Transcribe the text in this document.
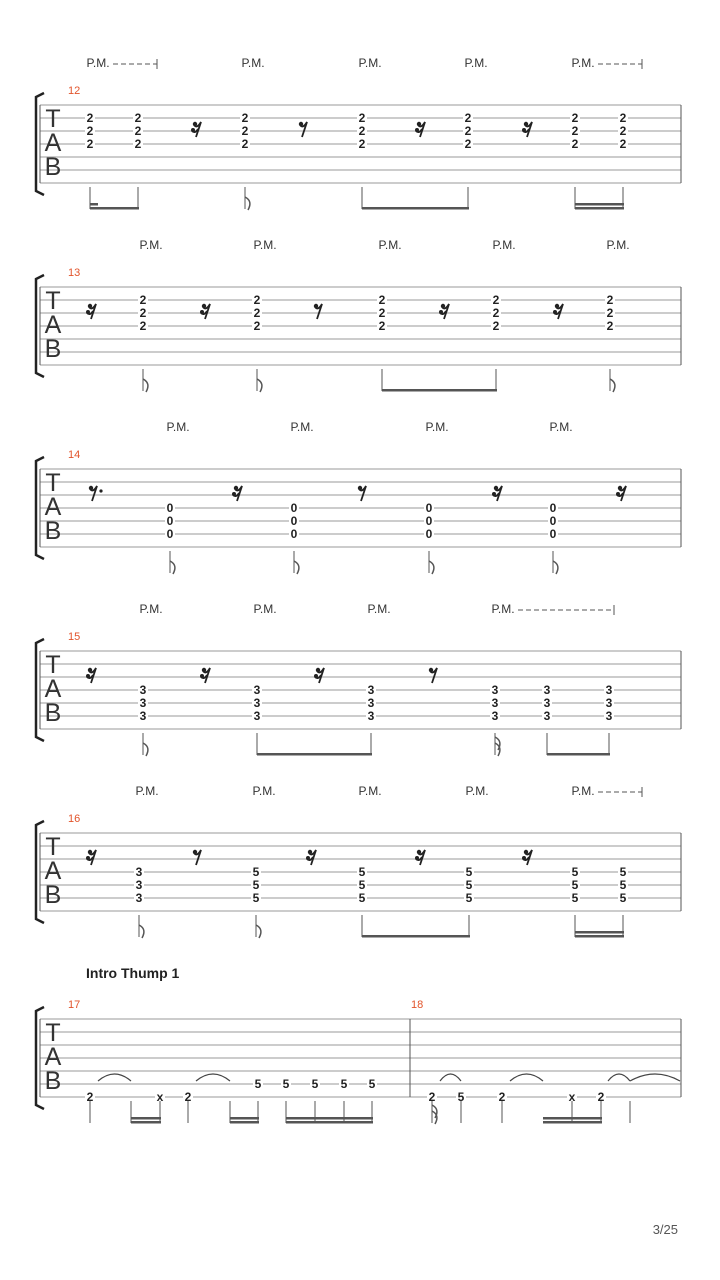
T
A
B
12
P.M.	P.M.	P.M.	P.M.	P.M.
2
2
2
2
2
2
2
2
2
2
2
2
2
2
2
2
2
2
2
2
2
T
A
B
13
P.M.	P.M.	P.M.	P.M.	P.M.
2
2
2
2
2
2
2
2
2
2
2
2
2
2
2
T
A
B
14
P.M.	P.M.	P.M.	P.M.
0
0
0
0
0
0
0
0
0
0
0
0
T
A
B
15
P.M.	P.M.	P.M.	P.M.
3
3
3
3
3
3
3
3
3
3
3
3
3
3
3
3
3
3
T
A
B
16
P.M.	P.M.	P.M.	P.M.	P.M.
3
3
3
5
5
5
5
5
5
5
5
5
5
5
5
5
5
5
T
A
B
17	18
Intro Thump 1
2	x 2
5 5 5 5 5
2 5	2	x 2
3/25
